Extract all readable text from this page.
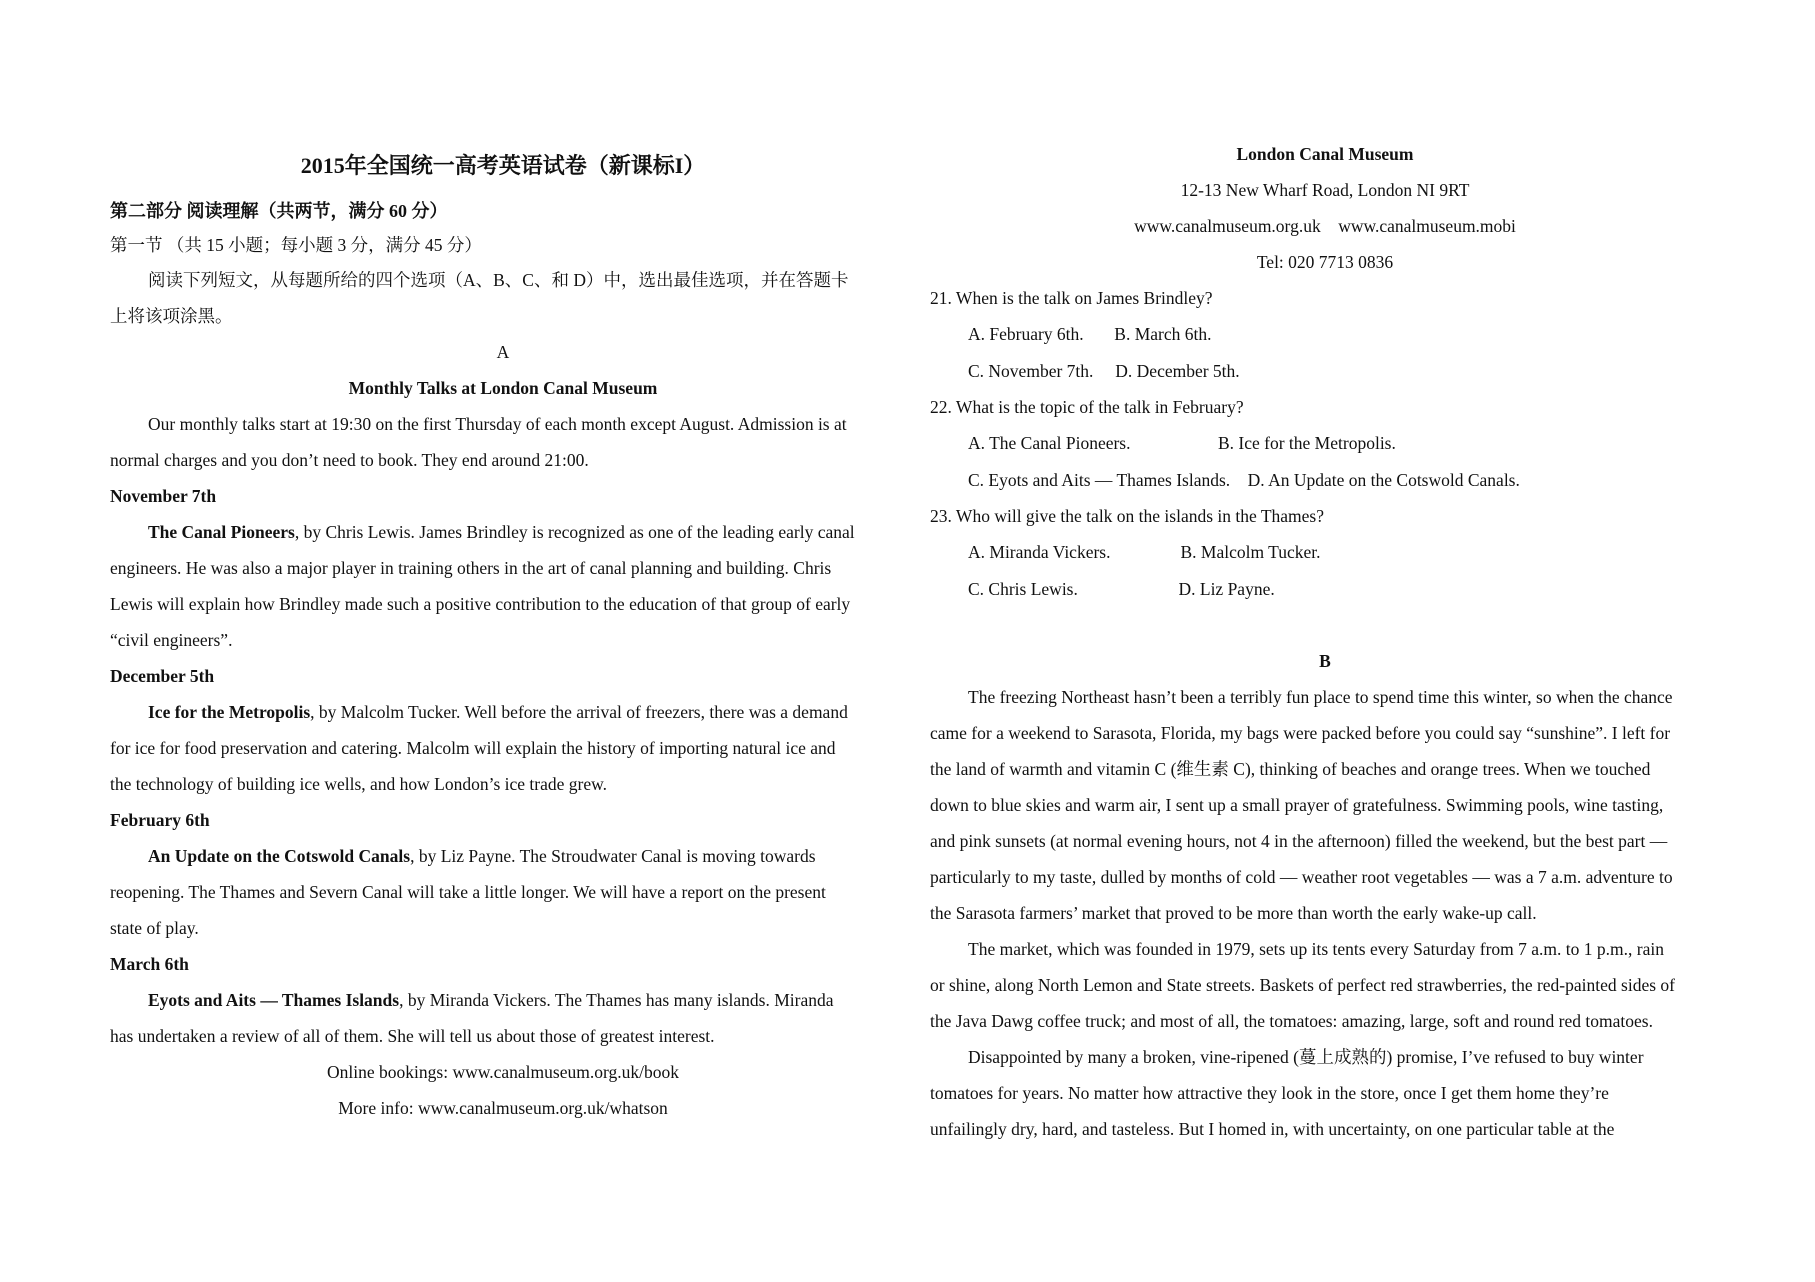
2015年全国统一高考英语试卷（新课标I）
第二部分 阅读理解（共两节，满分 60 分）
第一节 （共 15 小题；每小题 3 分，满分 45 分）
阅读下列短文，从每题所给的四个选项（A、B、C、和 D）中，选出最佳选项，并在答题卡
上将该项涂黑。
A
Monthly Talks at London Canal Museum
Our monthly talks start at 19:30 on the first Thursday of each month except August. Admission is at
normal charges and you don’t need to book. They end around 21:00.
November 7th
The Canal Pioneers, by Chris Lewis. James Brindley is recognized as one of the leading early canal
engineers. He was also a major player in training others in the art of canal planning and building. Chris
Lewis will explain how Brindley made such a positive contribution to the education of that group of early
“civil engineers”.
December 5th
Ice for the Metropolis, by Malcolm Tucker. Well before the arrival of freezers, there was a demand
for ice for food preservation and catering. Malcolm will explain the history of importing natural ice and
the technology of building ice wells, and how London’s ice trade grew.
February 6th
An Update on the Cotswold Canals, by Liz Payne. The Stroudwater Canal is moving towards
reopening. The Thames and Severn Canal will take a little longer. We will have a report on the present
state of play.
March 6th
Eyots and Aits — Thames Islands, by Miranda Vickers. The Thames has many islands. Miranda
has undertaken a review of all of them. She will tell us about those of greatest interest.
Online bookings: www.canalmuseum.org.uk/book
More info: www.canalmuseum.org.uk/whatson
London Canal Museum
12-13 New Wharf Road, London NI 9RT
www.canalmuseum.org.uk    www.canalmuseum.mobi
Tel: 020 7713 0836
21. When is the talk on James Brindley?
A. February 6th.       B. March 6th.
C. November 7th.     D. December 5th.
22. What is the topic of the talk in February?
A. The Canal Pioneers.                    B. Ice for the Metropolis.
C. Eyots and Aits — Thames Islands.    D. An Update on the Cotswold Canals.
23. Who will give the talk on the islands in the Thames?
A. Miranda Vickers.                B. Malcolm Tucker.
C. Chris Lewis.                       D. Liz Payne.
B
The freezing Northeast hasn’t been a terribly fun place to spend time this winter, so when the chance
came for a weekend to Sarasota, Florida, my bags were packed before you could say “sunshine”. I left for
the land of warmth and vitamin C (维生素 C), thinking of beaches and orange trees. When we touched
down to blue skies and warm air, I sent up a small prayer of gratefulness. Swimming pools, wine tasting,
and pink sunsets (at normal evening hours, not 4 in the afternoon) filled the weekend, but the best part —
particularly to my taste, dulled by months of cold — weather root vegetables — was a 7 a.m. adventure to
the Sarasota farmers’ market that proved to be more than worth the early wake-up call.
The market, which was founded in 1979, sets up its tents every Saturday from 7 a.m. to 1 p.m., rain
or shine, along North Lemon and State streets. Baskets of perfect red strawberries, the red-painted sides of
the Java Dawg coffee truck; and most of all, the tomatoes: amazing, large, soft and round red tomatoes.
Disappointed by many a broken, vine-ripened (蔓上成熟的) promise, I’ve refused to buy winter
tomatoes for years. No matter how attractive they look in the store, once I get them home they’re
unfailingly dry, hard, and tasteless. But I homed in, with uncertainty, on one particular table at the
